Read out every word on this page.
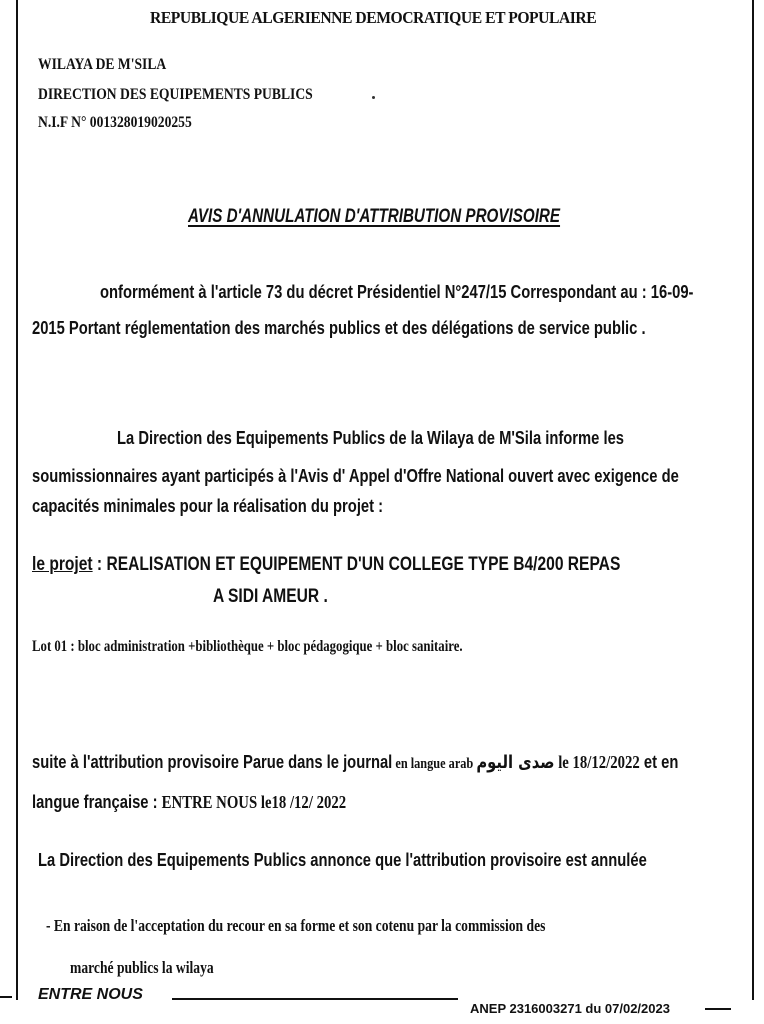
REPUBLIQUE ALGERIENNE DEMOCRATIQUE ET POPULAIRE
WILAYA DE M'SILA
DIRECTION DES EQUIPEMENTS PUBLICS
N.I.F N° 001328019020255
AVIS D'ANNULATION D'ATTRIBUTION PROVISOIRE
onformément à l'article 73 du décret Présidentiel N°247/15 Correspondant au : 16-09-
2015 Portant réglementation des marchés publics et des délégations de service public .
La Direction des Equipements Publics de la Wilaya de M'Sila informe les
soumissionnaires ayant participés à l'Avis d' Appel d'Offre National ouvert avec exigence de
capacités minimales pour la réalisation du projet :
le projet : REALISATION ET EQUIPEMENT D'UN COLLEGE TYPE B4/200 REPAS
A SIDI AMEUR .
Lot 01 : bloc administration +bibliothèque + bloc pédagogique + bloc sanitaire.
suite à l'attribution provisoire Parue dans le journal en langue arab صدى اليوم le 18/12/2022 et en
langue française : ENTRE NOUS le18 /12/ 2022
La Direction des Equipements Publics annonce que l'attribution provisoire est annulée
- En raison de l'acceptation du recour en sa forme et son cotenu par la commission des
marché publics la wilaya
ENTRE NOUS
ANEP 2316003271 du 07/02/2023
